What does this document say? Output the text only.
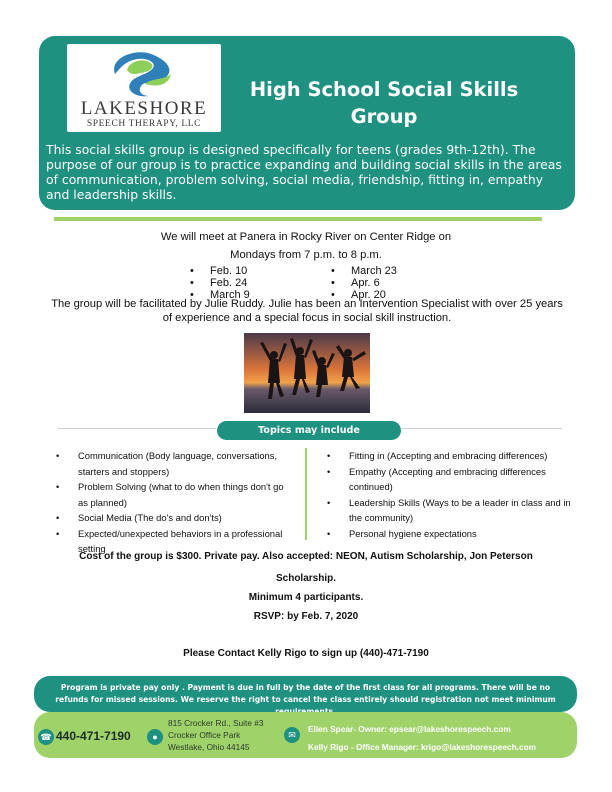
LAKESHORE
SPEECH THERAPY, LLC
High School Social Skills Group
This social skills group is designed specifically for teens (grades 9th-12th). The purpose of our group is to practice expanding and building social skills in the areas of communication, problem solving, social media, friendship, fitting in, empathy and leadership skills.
We will meet at Panera in Rocky River on Center Ridge on
Mondays from 7 p.m. to 8 p.m.
• Feb. 10
• Feb. 24
• March 9
• March 23
• Apr. 6
• Apr. 20
The group will be facilitated by Julie Ruddy. Julie has been an Intervention Specialist with over 25 years of experience and a special focus in social skill instruction.
Topics may include
• Communication (Body language, conversations, starters and stoppers)
• Problem Solving (what to do when things don't go as planned)
• Social Media (The do's and don'ts)
• Expected/unexpected behaviors in a professional setting
• Fitting in (Accepting and embracing differences)
• Empathy (Accepting and embracing differences continued)
• Leadership Skills (Ways to be a leader in class and in the community)
• Personal hygiene expectations
Cost of the group is $300. Private pay. Also accepted: NEON, Autism Scholarship, Jon Peterson
Scholarship.
Minimum 4 participants.
RSVP: by Feb. 7, 2020
Please Contact Kelly Rigo to sign up (440)-471-7190
Program is private pay only . Payment is due in full by the date of the first class for all programs. There will be no refunds for missed sessions. We reserve the right to cancel the class entirely should registration not meet minimum
☎ 440-471-7190	●
815 Crocker Rd., Suite #3
Crocker Office Park
Westlake, Ohio 44145
✉
Ellen Spear- Owner: epsear@lakeshorespeech.com
Kelly Rigo - Office Manager: krigo@lakeshorespeech.com
